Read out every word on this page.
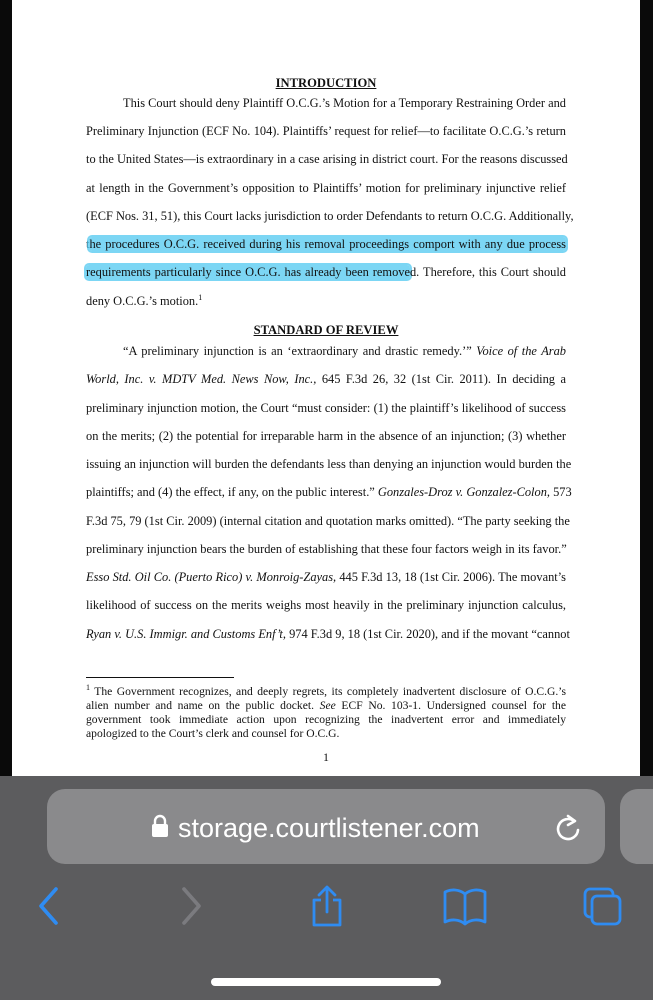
INTRODUCTION
This Court should deny Plaintiff O.C.G.’s Motion for a Temporary Restraining Order and
Preliminary Injunction (ECF No. 104). Plaintiffs’ request for relief—to facilitate O.C.G.’s return
to the United States—is extraordinary in a case arising in district court. For the reasons discussed
at length in the Government’s opposition to Plaintiffs’ motion for preliminary injunctive relief
(ECF Nos. 31, 51), this Court lacks jurisdiction to order Defendants to return O.C.G. Additionally,
the procedures O.C.G. received during his removal proceedings comport with any due process
requirements particularly since O.C.G. has already been removed. Therefore, this Court should
deny O.C.G.’s motion.$^1$
STANDARD OF REVIEW
“A preliminary injunction is an ‘extraordinary and drastic remedy.’” Voice of the Arab
World, Inc. v. MDTV Med. News Now, Inc., 645 F.3d 26, 32 (1st Cir. 2011). In deciding a
preliminary injunction motion, the Court “must consider: (1) the plaintiff’s likelihood of success
on the merits; (2) the potential for irreparable harm in the absence of an injunction; (3) whether
issuing an injunction will burden the defendants less than denying an injunction would burden the
plaintiffs; and (4) the effect, if any, on the public interest.” Gonzales-Droz v. Gonzalez-Colon, 573
F.3d 75, 79 (1st Cir. 2009) (internal citation and quotation marks omitted). “The party seeking the
preliminary injunction bears the burden of establishing that these four factors weigh in its favor.”
Esso Std. Oil Co. (Puerto Rico) v. Monroig-Zayas, 445 F.3d 13, 18 (1st Cir. 2006). The movant’s
likelihood of success on the merits weighs most heavily in the preliminary injunction calculus,
Ryan v. U.S. Immigr. and Customs Enf’t, 974 F.3d 9, 18 (1st Cir. 2020), and if the movant “cannot
$^1$ The Government recognizes, and deeply regrets, its completely inadvertent disclosure of O.C.G.’s
alien number and name on the public docket. See ECF No. 103-1. Undersigned counsel for the
government took immediate action upon recognizing the inadvertent error and immediately
apologized to the Court’s clerk and counsel for O.C.G.
1
storage.courtlistener.com
